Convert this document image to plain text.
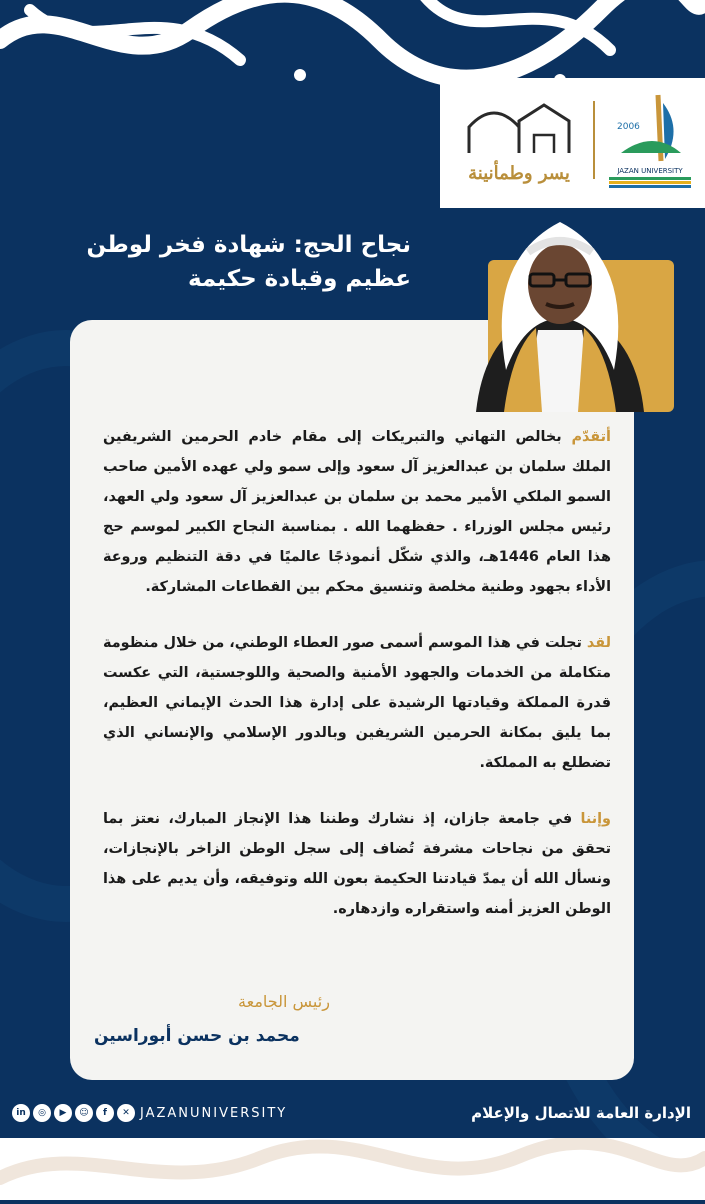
يسر وطمأنينة
2006
JAZAN UNIVERSITY
نجاح الحج: شهادة فخر لوطن
عظيم وقيادة حكيمة

أتقدّم بخالص التهاني والتبريكات إلى مقام خادم الحرمين الشريفين الملك سلمان بن عبدالعزيز آل سعود وإلى سمو ولي عهده الأمين صاحب السمو الملكي الأمير محمد بن سلمان بن عبدالعزيز آل سعود ولي العهد، رئيس مجلس الوزراء . حفظهما الله . بمناسبة النجاح الكبير لموسم حج هذا العام 1446هـ، والذي شكّل أنموذجًا عالميًا في دقة التنظيم وروعة الأداء بجهود وطنية مخلصة وتنسيق محكم بين القطاعات المشاركة.

لقد تجلت في هذا الموسم أسمى صور العطاء الوطني، من خلال منظومة متكاملة من الخدمات والجهود الأمنية والصحية واللوجستية، التي عكست قدرة المملكة وقيادتها الرشيدة على إدارة هذا الحدث الإيماني العظيم، بما يليق بمكانة الحرمين الشريفين وبالدور الإسلامي والإنساني الذي تضطلع به المملكة.

وإننا في جامعة جازان، إذ نشارك وطننا هذا الإنجاز المبارك، نعتز بما تحقق من نجاحات مشرفة تُضاف إلى سجل الوطن الزاخر بالإنجازات، ونسأل الله أن يمدّ قيادتنا الحكيمة بعون الله وتوفيقه، وأن يديم على هذا الوطن العزيز أمنه واستقراره وازدهاره.

رئيس الجامعة
محمد بن حسن أبوراسين
in	◎	▶	☺	f	✕ JAZANUNIVERSITY	الإدارة العامة للاتصال والإعلام
